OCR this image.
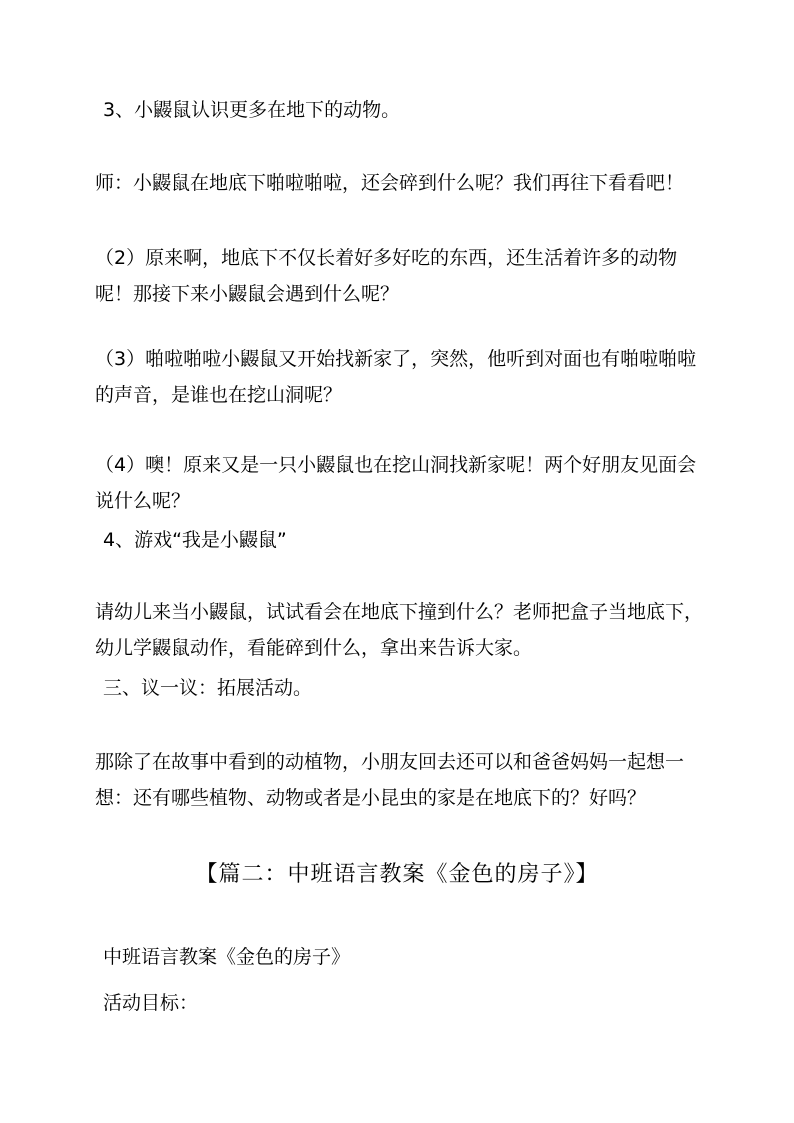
3、小鼹鼠认识更多在地下的动物。
师：小鼹鼠在地底下啪啦啪啦，还会碎到什么呢？我们再往下看看吧！
（2）原来啊，地底下不仅长着好多好吃的东西，还生活着许多的动物呢！那接下来小鼹鼠会遇到什么呢？
（3）啪啦啪啦小鼹鼠又开始找新家了，突然，他听到对面也有啪啦啪啦的声音，是谁也在挖山洞呢？
（4）噢！原来又是一只小鼹鼠也在挖山洞找新家呢！两个好朋友见面会说什么呢？
4、游戏“我是小鼹鼠”
请幼儿来当小鼹鼠，试试看会在地底下撞到什么？老师把盒子当地底下，幼儿学鼹鼠动作，看能碎到什么，拿出来告诉大家。
三、议一议：拓展活动。
那除了在故事中看到的动植物，小朋友回去还可以和爸爸妈妈一起想一想：还有哪些植物、动物或者是小昆虫的家是在地底下的？好吗？
【篇二：中班语言教案《金色的房子》】
中班语言教案《金色的房子》
活动目标：
